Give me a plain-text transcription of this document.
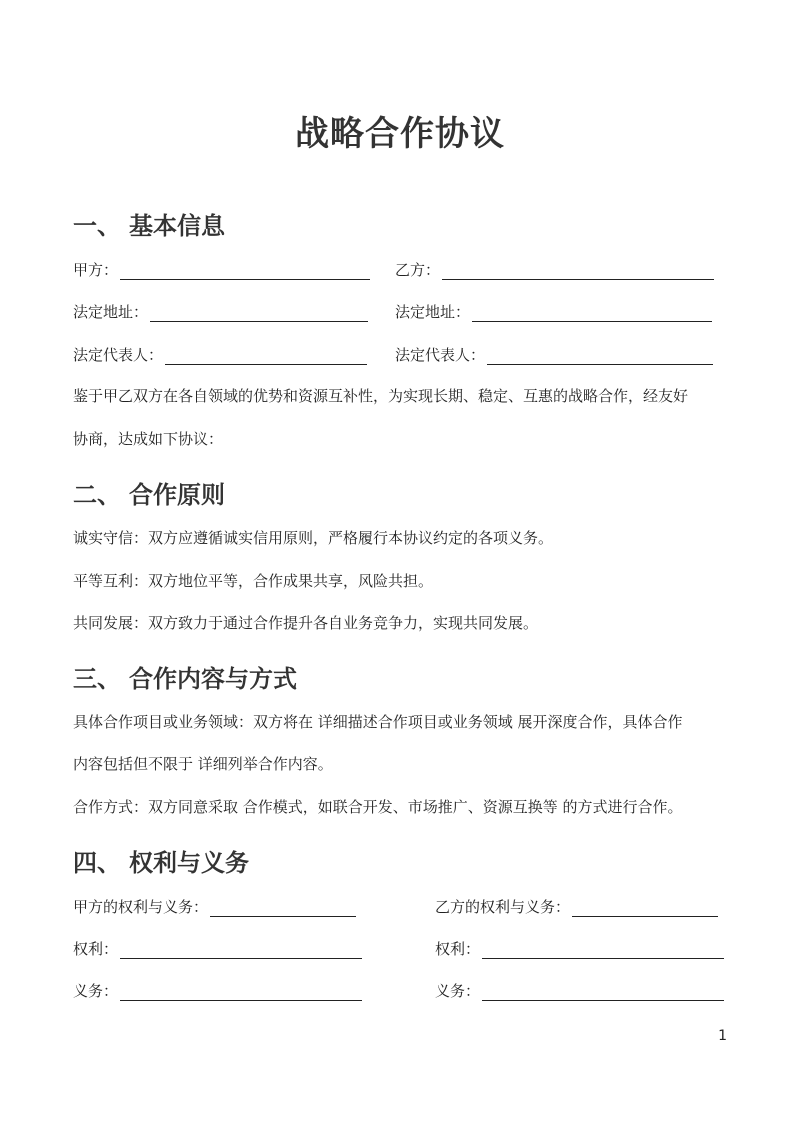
战略合作协议
一、 基本信息
甲方：	乙方：
法定地址：	法定地址：
法定代表人：	法定代表人：
鉴于甲乙双方在各自领域的优势和资源互补性，为实现长期、稳定、互惠的战略合作，经友好
协商，达成如下协议：
二、 合作原则
诚实守信：双方应遵循诚实信用原则，严格履行本协议约定的各项义务。
平等互利：双方地位平等，合作成果共享，风险共担。
共同发展：双方致力于通过合作提升各自业务竞争力，实现共同发展。
三、 合作内容与方式
具体合作项目或业务领域：双方将在 详细描述合作项目或业务领域 展开深度合作，具体合作
内容包括但不限于 详细列举合作内容。
合作方式：双方同意采取 合作模式，如联合开发、市场推广、资源互换等 的方式进行合作。
四、 权利与义务
甲方的权利与义务：	乙方的权利与义务：
权利：	权利：
义务：	义务：
1
